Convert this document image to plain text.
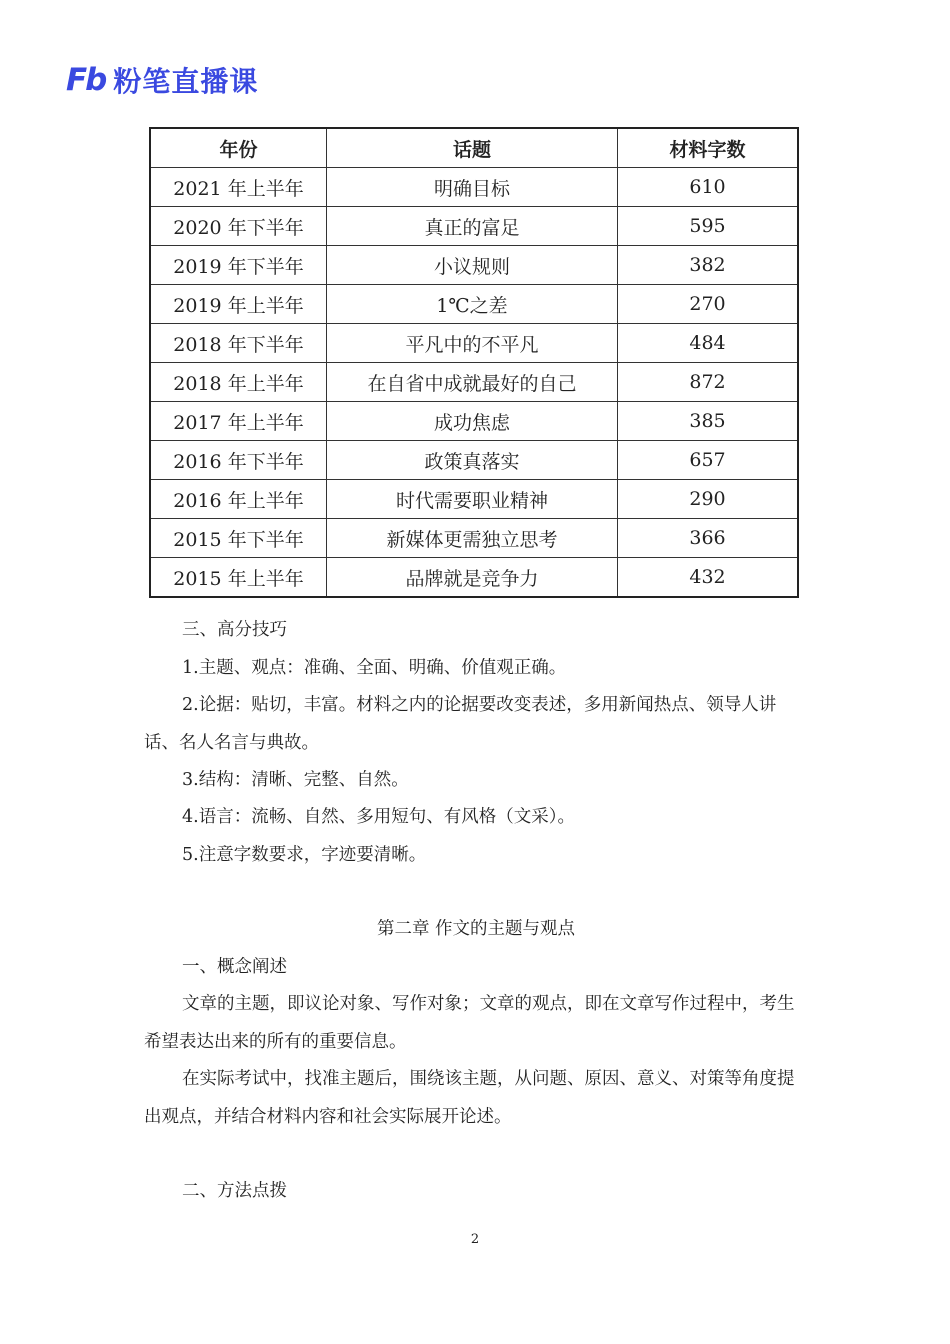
Fb 粉笔直播课
年份	话题	材料字数
2021 年上半年	明确目标	610
2020 年下半年	真正的富足	595
2019 年下半年	小议规则	382
2019 年上半年	1℃之差	270
2018 年下半年	平凡中的不平凡	484
2018 年上半年	在自省中成就最好的自己	872
2017 年上半年	成功焦虑	385
2016 年下半年	政策真落实	657
2016 年上半年	时代需要职业精神	290
2015 年下半年	新媒体更需独立思考	366
2015 年上半年	品牌就是竞争力	432
三、高分技巧
1.主题、观点：准确、全面、明确、价值观正确。
2.论据：贴切，丰富。材料之内的论据要改变表述，多用新闻热点、领导人讲话、名人名言与典故。
3.结构：清晰、完整、自然。
4.语言：流畅、自然、多用短句、有风格（文采）。
5.注意字数要求，字迹要清晰。
第二章 作文的主题与观点
一、概念阐述
文章的主题，即议论对象、写作对象；文章的观点，即在文章写作过程中，考生希望表达出来的所有的重要信息。
在实际考试中，找准主题后，围绕该主题，从问题、原因、意义、对策等角度提出观点，并结合材料内容和社会实际展开论述。
二、方法点拨
2
